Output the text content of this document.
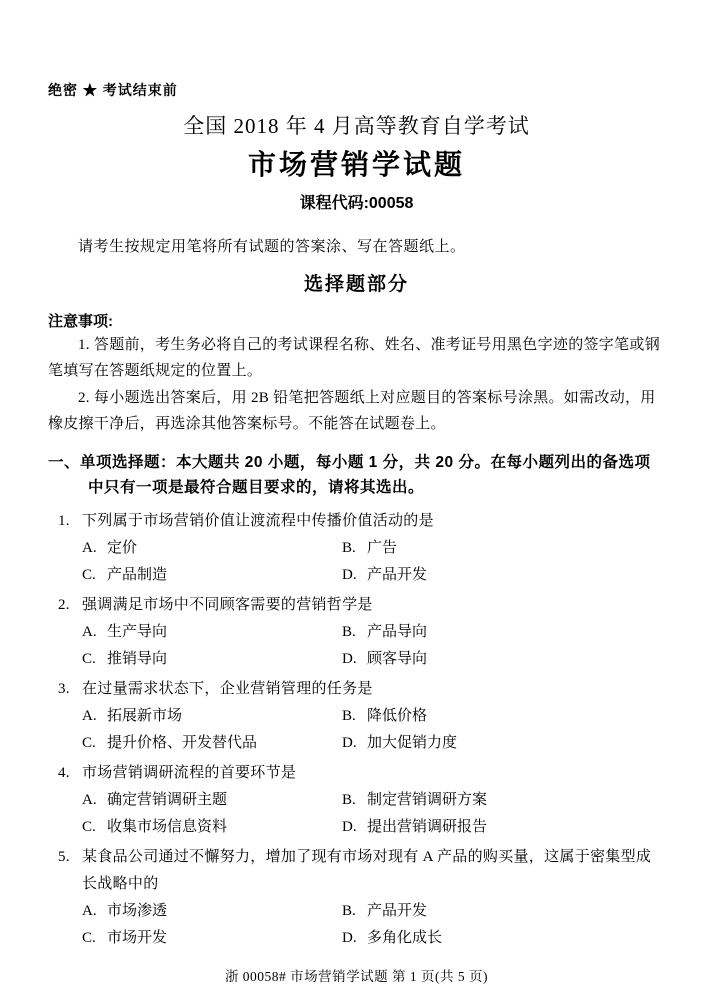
绝密 ★ 考试结束前
全国 2018 年 4 月高等教育自学考试
市场营销学试题
课程代码:00058
请考生按规定用笔将所有试题的答案涂、写在答题纸上。
选择题部分
注意事项:

1. 答题前，考生务必将自己的考试课程名称、姓名、准考证号用黑色字迹的签字笔或钢笔填写在答题纸规定的位置上。

2. 每小题选出答案后，用 2B 铅笔把答题纸上对应题目的答案标号涂黑。如需改动，用橡皮擦干净后，再选涂其他答案标号。不能答在试题卷上。

一、单项选择题：本大题共 20 小题，每小题 1 分，共 20 分。在每小题列出的备选项中只有一项是最符合题目要求的，请将其选出。
1. 下列属于市场营销价值让渡流程中传播价值活动的是
A. 定价	B. 广告
C. 产品制造	D. 产品开发
2. 强调满足市场中不同顾客需要的营销哲学是
A. 生产导向	B. 产品导向
C. 推销导向	D. 顾客导向
3. 在过量需求状态下，企业营销管理的任务是
A. 拓展新市场	B. 降低价格
C. 提升价格、开发替代品	D. 加大促销力度
4. 市场营销调研流程的首要环节是
A. 确定营销调研主题	B. 制定营销调研方案
C. 收集市场信息资料	D. 提出营销调研报告
5. 某食品公司通过不懈努力，增加了现有市场对现有 A 产品的购买量，这属于密集型成长战略中的
A. 市场渗透	B. 产品开发
C. 市场开发	D. 多角化成长
浙 00058# 市场营销学试题 第 1 页(共 5 页)
